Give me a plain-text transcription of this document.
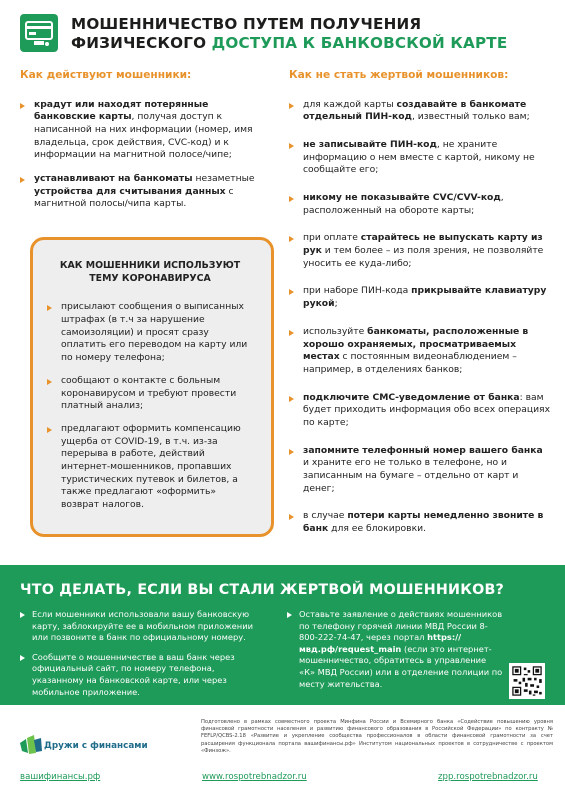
МОШЕННИЧЕСТВО ПУТЕМ ПОЛУЧЕНИЯ
ФИЗИЧЕСКОГО ДОСТУПА К БАНКОВСКОЙ КАРТЕ
Как действуют мошенники:
крадут или находят потерянные банковские карты, получая доступ к написанной на них информации (номер, имя владельца, срок действия, CVC-код) и к информации на магнитной полосе/чипе;
устанавливают на банкоматы незаметные устройства для считывания данных с магнитной полосы/чипа карты.
КАК МОШЕННИКИ ИСПОЛЬЗУЮТ ТЕМУ КОРОНАВИРУСА
присылают сообщения о выписанных штрафах (в т.ч за нарушение самоизоляции) и просят сразу оплатить его переводом на карту или по номеру телефона;
сообщают о контакте с больным коронавирусом и требуют провести платный анализ;
предлагают оформить компенсацию ущерба от COVID-19, в т.ч. из-за перерыва в работе, действий интернет-мошенников, пропавших туристических путевок и билетов, а также предлагают «оформить» возврат налогов.
Как не стать жертвой мошенников:
для каждой карты создавайте в банкомате отдельный ПИН-код, известный только вам;
не записывайте ПИН-код, не храните информацию о нем вместе с картой, никому не сообщайте его;
никому не показывайте CVC/CVV-код, расположенный на обороте карты;
при оплате старайтесь не выпускать карту из рук и тем более – из поля зрения, не позволяйте уносить ее куда-либо;
при наборе ПИН-кода прикрывайте клавиатуру рукой;
используйте банкоматы, расположенные в хорошо охраняемых, просматриваемых местах с постоянным видеонаблюдением – например, в отделениях банков;
подключите СМС-уведомление от банка: вам будет приходить информация обо всех операциях по карте;
запомните телефонный номер вашего банка и храните его не только в телефоне, но и записанным на бумаге – отдельно от карт и денег;
в случае потери карты немедленно звоните в банк для ее блокировки.
ЧТО ДЕЛАТЬ, ЕСЛИ ВЫ СТАЛИ ЖЕРТВОЙ МОШЕННИКОВ?
Если мошенники использовали вашу банковскую карту, заблокируйте ее в мобильном приложении или позвоните в банк по официальному номеру.
Сообщите о мошенничестве в ваш банк через официальный сайт, по номеру телефона, указанному на банковской карте, или через мобильное приложение.
Оставьте заявление о действиях мошенников по телефону горячей линии МВД России 8-800-222-74-47, через портал https://мвд.рф/request_main (если это интернет-мошенничество, обратитесь в управление «К» МВД России) или в отделение полиции по месту жительства.
Дружи с финансами
Подготовлено в рамках совместного проекта Минфина России и Всемирного банка «Содействие повышению уровня финансовой грамотности населения и развитию финансового образования в Российской Федерации» по контракту № FEFLP/QCBS-2.18 «Развитие и укрепление сообщества профессионалов в области финансовой грамотности за счет расширения функционала портала вашифинансы.рф» Институтом национальных проектов в сотрудничестве с проектом «Финзож».
вашифинансы.рф	www.rospotrebnadzor.ru	zpp.rospotrebnadzor.ru
